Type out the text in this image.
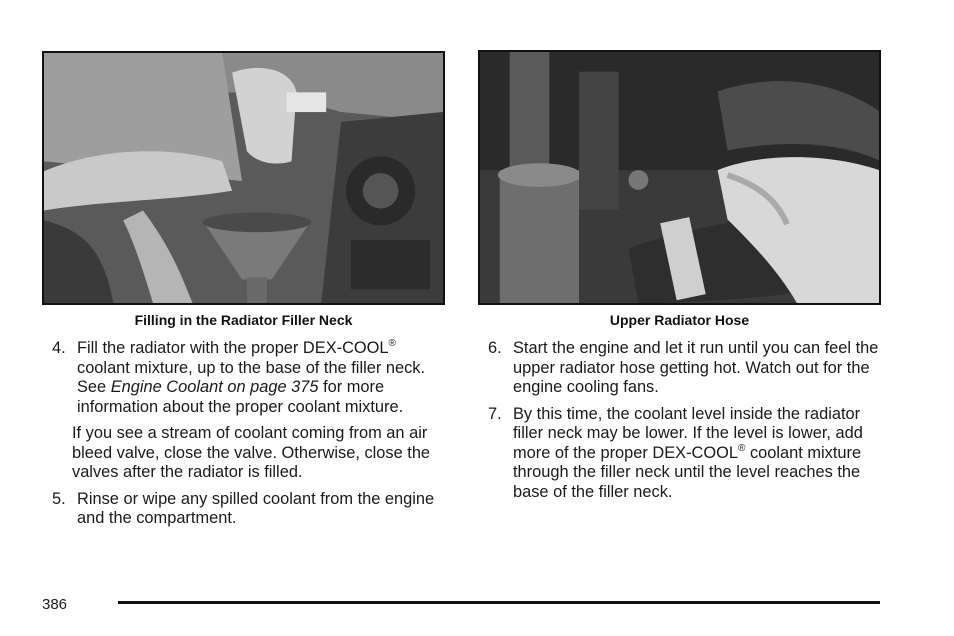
Filling in the Radiator Filler Neck	Upper Radiator Hose
4. Fill the radiator with the proper DEX-COOL® coolant mixture, up to the base of the filler neck. See Engine Coolant on page 375 for more information about the proper coolant mixture.

If you see a stream of coolant coming from an air bleed valve, close the valve. Otherwise, close the valves after the radiator is filled.

5. Rinse or wipe any spilled coolant from the engine and the compartment.

6. Start the engine and let it run until you can feel the upper radiator hose getting hot. Watch out for the engine cooling fans.

7. By this time, the coolant level inside the radiator filler neck may be lower. If the level is lower, add more of the proper DEX-COOL® coolant mixture through the filler neck until the level reaches the base of the filler neck.

386
